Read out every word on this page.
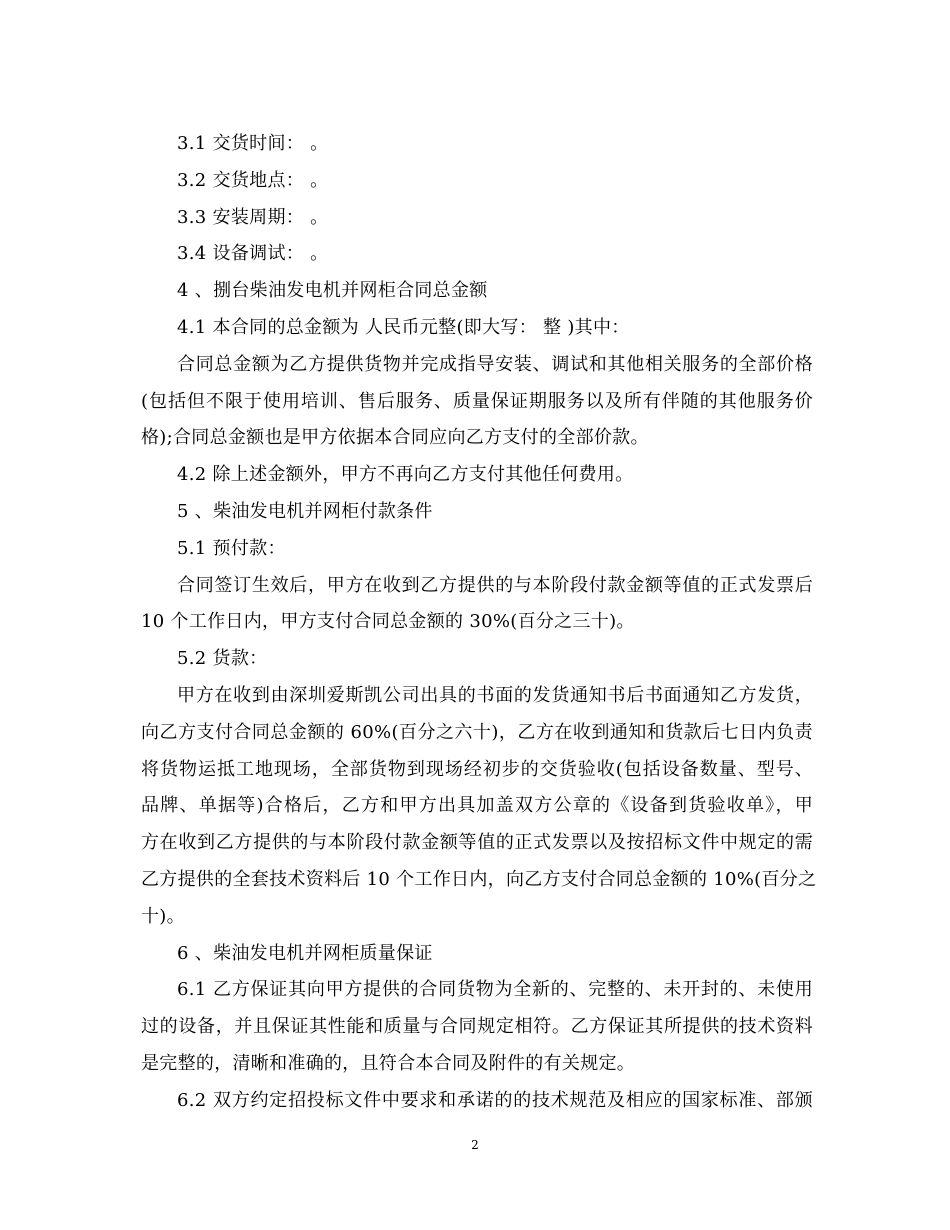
3.1 交货时间： 。
3.2 交货地点： 。
3.3 安装周期： 。
3.4 设备调试： 。
4 、捌台柴油发电机并网柜合同总金额
4.1 本合同的总金额为 人民币元整(即大写： 整 )其中：
合同总金额为乙方提供货物并完成指导安装、调试和其他相关服务的全部价格
(包括但不限于使用培训、售后服务、质量保证期服务以及所有伴随的其他服务价
格);合同总金额也是甲方依据本合同应向乙方支付的全部价款。
4.2 除上述金额外，甲方不再向乙方支付其他任何费用。
5 、柴油发电机并网柜付款条件
5.1 预付款：
合同签订生效后，甲方在收到乙方提供的与本阶段付款金额等值的正式发票后
10 个工作日内，甲方支付合同总金额的 30%(百分之三十)。
5.2 货款：
甲方在收到由深圳爱斯凯公司出具的书面的发货通知书后书面通知乙方发货，
向乙方支付合同总金额的 60%(百分之六十)，乙方在收到通知和货款后七日内负责
将货物运抵工地现场，全部货物到现场经初步的交货验收(包括设备数量、型号、
品牌、单据等)合格后，乙方和甲方出具加盖双方公章的《设备到货验收单》，甲
方在收到乙方提供的与本阶段付款金额等值的正式发票以及按招标文件中规定的需
乙方提供的全套技术资料后 10 个工作日内，向乙方支付合同总金额的 10%(百分之
十)。
6 、柴油发电机并网柜质量保证
6.1 乙方保证其向甲方提供的合同货物为全新的、完整的、未开封的、未使用
过的设备，并且保证其性能和质量与合同规定相符。乙方保证其所提供的技术资料
是完整的，清晰和准确的，且符合本合同及附件的有关规定。
6.2 双方约定招投标文件中要求和承诺的的技术规范及相应的国家标准、部颁
2
